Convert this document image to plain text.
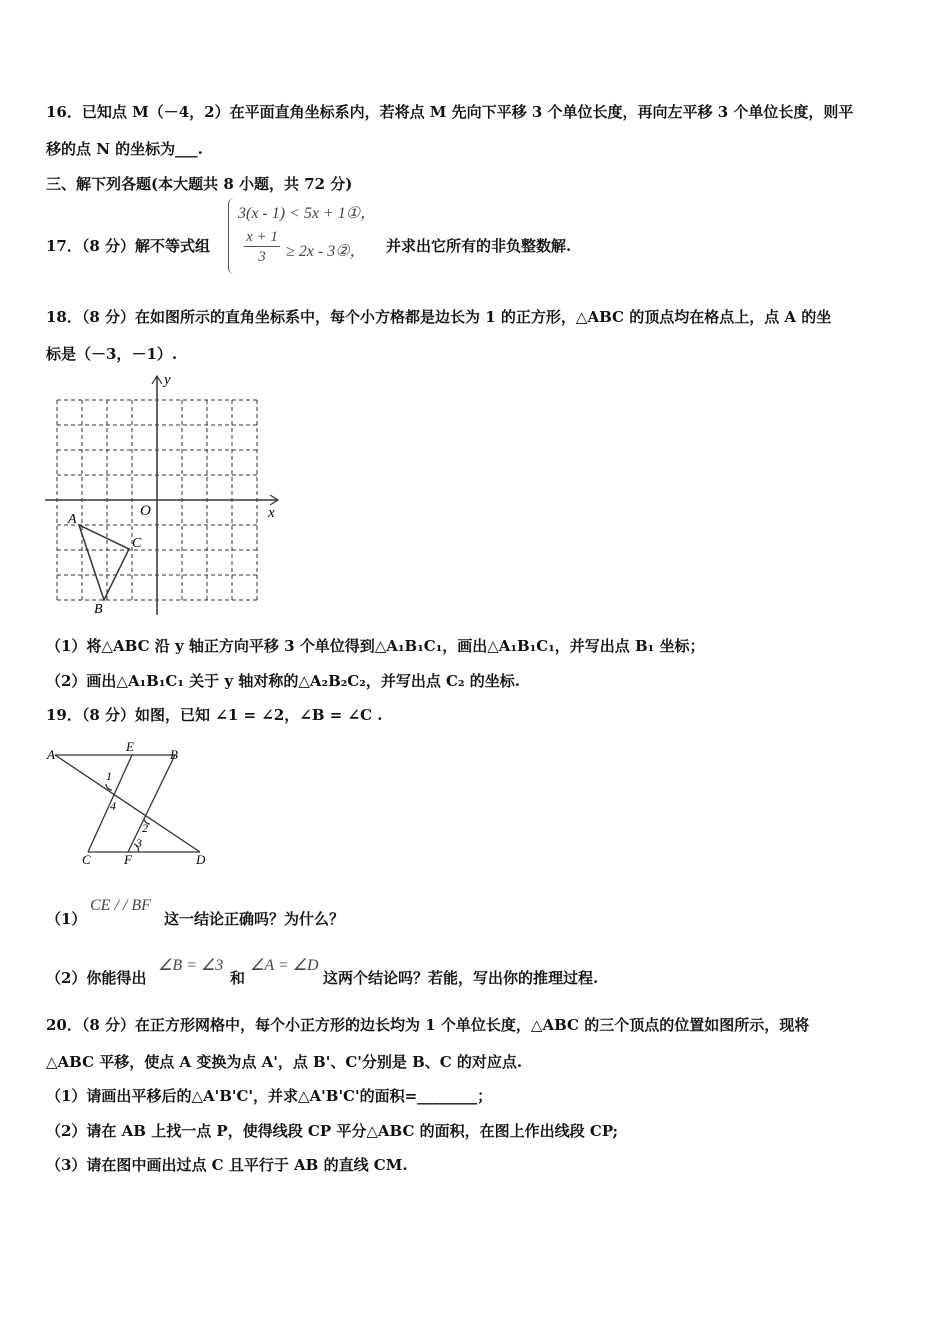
16．已知点 M（－4，2）在平面直角坐标系内，若将点 M 先向下平移 3 个单位长度，再向左平移 3 个单位长度，则平
移的点 N 的坐标为___.
三、解下列各题(本大题共 8 小题，共 72 分)
17．（8 分）解不等式组
3(x - 1) < 5x + 1①，
$\frac{x + 1}{3} \ge 2x$ - 3②， 并求出它所有的非负整数解.
18．（8 分）在如图所示的直角坐标系中，每个小方格都是边长为 1 的正方形，△ABC 的顶点均在格点上，点 A 的坐
标是（－3，－1）.
y
x
O
A
B
C
（1）将△ABC 沿 y 轴正方向平移 3 个单位得到△A₁B₁C₁，画出△A₁B₁C₁，并写出点 B₁ 坐标；
（2）画出△A₁B₁C₁ 关于 y 轴对称的△A₂B₂C₂，并写出点 C₂ 的坐标.
19．（8 分）如图，已知 ∠1 = ∠2，∠B = ∠C .
A
E
B
C	F	D
1
4
2
3
（1）
CE / / BF
这一结论正确吗？为什么？
（2）你能得出
∠B = ∠3
和
∠A = ∠D
这两个结论吗？若能，写出你的推理过程.
20．（8 分）在正方形网格中，每个小正方形的边长均为 1 个单位长度，△ABC 的三个顶点的位置如图所示，现将
△ABC 平移，使点 A 变换为点 A'，点 B'、C'分别是 B、C 的对应点.
（1）请画出平移后的△A'B'C'，并求△A'B'C'的面积=________；
（2）请在 AB 上找一点 P，使得线段 CP 平分△ABC 的面积，在图上作出线段 CP;
（3）请在图中画出过点 C 且平行于 AB 的直线 CM.
